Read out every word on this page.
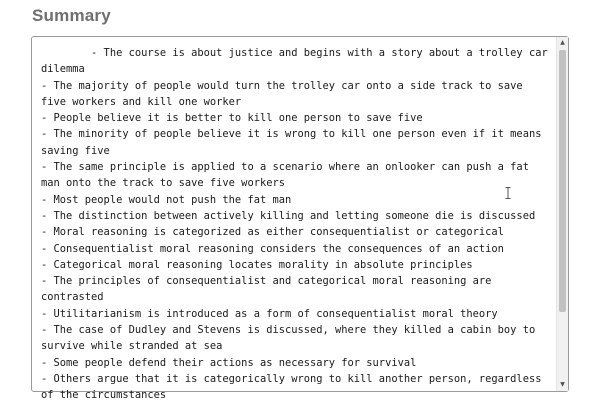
Summary
- The course is about justice and begins with a story about a trolley car dilemma
- The majority of people would turn the trolley car onto a side track to save five workers and kill one worker
- People believe it is better to kill one person to save five
- The minority of people believe it is wrong to kill one person even if it means saving five
- The same principle is applied to a scenario where an onlooker can push a fat man onto the track to save five workers
- Most people would not push the fat man
- The distinction between actively killing and letting someone die is discussed
- Moral reasoning is categorized as either consequentialist or categorical
- Consequentialist moral reasoning considers the consequences of an action
- Categorical moral reasoning locates morality in absolute principles
- The principles of consequentialist and categorical moral reasoning are contrasted
- Utilitarianism is introduced as a form of consequentialist moral theory
- The case of Dudley and Stevens is discussed, where they killed a cabin boy to survive while stranded at sea
- Some people defend their actions as necessary for survival
- Others argue that it is categorically wrong to kill another person, regardless of the circumstances
▲
▼
